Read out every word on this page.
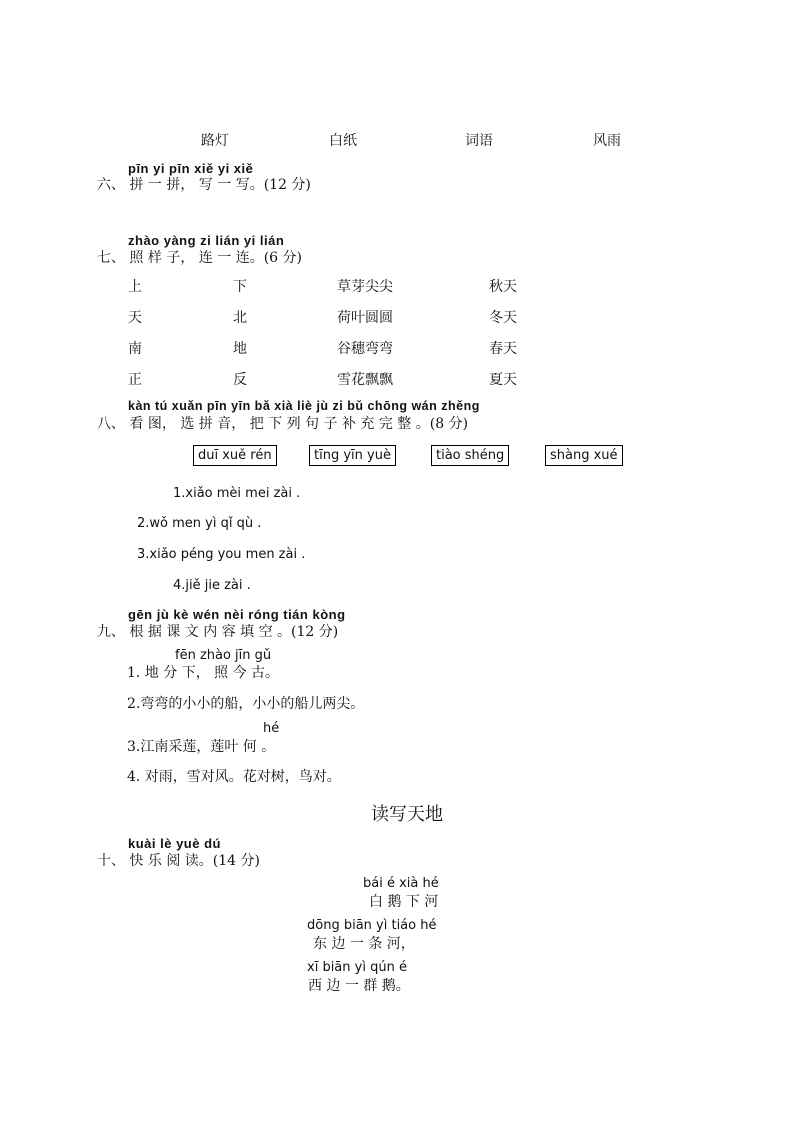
路灯	白纸	词语	风雨
pīn yi pīn xiě yi xiě
六、 拼 一 拼， 写 一 写。(12 分)
zhào yàng zi lián yi lián
七、 照 样 子， 连 一 连。(6 分)
上	下	草芽尖尖	秋天
天	北	荷叶圆圆	冬天
南	地	谷穗弯弯	春天
正	反	雪花飘飘	夏天
kàn tú xuǎn pīn yīn bǎ xià liè jù zi bǔ chōng wán zhěng
八、 看 图， 选 拼 音， 把 下 列 句 子 补 充 完 整 。(8 分)
duī xuě rén	tīng yīn yuè	tiào shéng	shàng xué
1.xiǎo mèi mei zài .
2.wǒ men yì qǐ qù .
3.xiǎo péng you men zài .
4.jiě jie zài .
gēn jù kè wén nèi róng tián kòng
九、 根 据 课 文 内 容 填 空 。(12 分)
fēn zhào jīn gǔ
1. 地 分 下， 照 今 古。
2.弯弯的小小的船，小小的船儿两尖。
hé
3.江南采莲，莲叶 何 。
4. 对雨，雪对风。花对树，鸟对。
读写天地
kuài lè yuè dú
十、 快 乐 阅 读。(14 分)
bái é xià hé
白 鹅 下 河
dōng biān yì tiáo hé
东 边 一 条 河，
xī biān yì qún é
西 边 一 群 鹅。
